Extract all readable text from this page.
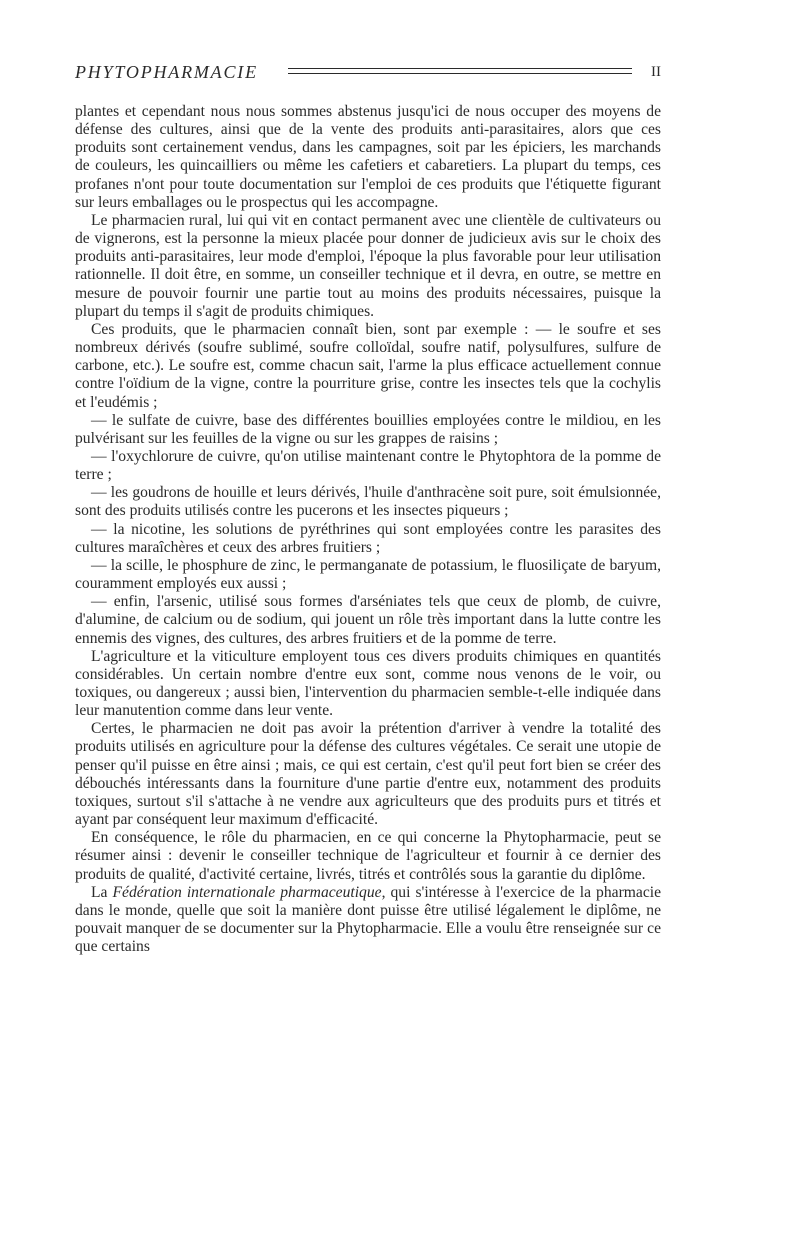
PHYTOPHARMACIE	II

plantes et cependant nous nous sommes abstenus jusqu'ici de nous occuper des moyens de défense des cultures, ainsi que de la vente des produits anti-parasitaires, alors que ces produits sont certainement vendus, dans les campagnes, soit par les épiciers, les marchands de couleurs, les quincailliers ou même les cafetiers et cabaretiers. La plupart du temps, ces profanes n'ont pour toute documentation sur l'emploi de ces produits que l'étiquette figurant sur leurs emballages ou le prospectus qui les accompagne.

Le pharmacien rural, lui qui vit en contact permanent avec une clientèle de cultivateurs ou de vignerons, est la personne la mieux placée pour donner de judicieux avis sur le choix des produits anti-parasitaires, leur mode d'emploi, l'époque la plus favorable pour leur utilisation rationnelle. Il doit être, en somme, un conseiller technique et il devra, en outre, se mettre en mesure de pouvoir fournir une partie tout au moins des produits nécessaires, puisque la plupart du temps il s'agit de produits chimiques.

Ces produits, que le pharmacien connaît bien, sont par exemple : — le soufre et ses nombreux dérivés (soufre sublimé, soufre colloïdal, soufre natif, polysulfures, sulfure de carbone, etc.). Le soufre est, comme chacun sait, l'arme la plus efficace actuellement connue contre l'oïdium de la vigne, contre la pourriture grise, contre les insectes tels que la cochylis et l'eudémis ;

— le sulfate de cuivre, base des différentes bouillies employées contre le mildiou, en les pulvérisant sur les feuilles de la vigne ou sur les grappes de raisins ;

— l'oxychlorure de cuivre, qu'on utilise maintenant contre le Phytophtora de la pomme de terre ;

— les goudrons de houille et leurs dérivés, l'huile d'anthracène soit pure, soit émulsionnée, sont des produits utilisés contre les pucerons et les insectes piqueurs ;

— la nicotine, les solutions de pyréthrines qui sont employées contre les parasites des cultures maraîchères et ceux des arbres fruitiers ;

— la scille, le phosphure de zinc, le permanganate de potassium, le fluosiliçate de baryum, couramment employés eux aussi ;

— enfin, l'arsenic, utilisé sous formes d'arséniates tels que ceux de plomb, de cuivre, d'alumine, de calcium ou de sodium, qui jouent un rôle très important dans la lutte contre les ennemis des vignes, des cultures, des arbres fruitiers et de la pomme de terre.

L'agriculture et la viticulture employent tous ces divers produits chimiques en quantités considérables. Un certain nombre d'entre eux sont, comme nous venons de le voir, ou toxiques, ou dangereux ; aussi bien, l'intervention du pharmacien semble-t-elle indiquée dans leur manutention comme dans leur vente.

Certes, le pharmacien ne doit pas avoir la prétention d'arriver à vendre la totalité des produits utilisés en agriculture pour la défense des cultures végétales. Ce serait une utopie de penser qu'il puisse en être ainsi ; mais, ce qui est certain, c'est qu'il peut fort bien se créer des débouchés intéressants dans la fourniture d'une partie d'entre eux, notamment des produits toxiques, surtout s'il s'attache à ne vendre aux agriculteurs que des produits purs et titrés et ayant par conséquent leur maximum d'efficacité.

En conséquence, le rôle du pharmacien, en ce qui concerne la Phytopharmacie, peut se résumer ainsi : devenir le conseiller technique de l'agriculteur et fournir à ce dernier des produits de qualité, d'activité certaine, livrés, titrés et contrôlés sous la garantie du diplôme.

La Fédération internationale pharmaceutique, qui s'intéresse à l'exercice de la pharmacie dans le monde, quelle que soit la manière dont puisse être utilisé légalement le diplôme, ne pouvait manquer de se documenter sur la Phytopharmacie. Elle a voulu être renseignée sur ce que certains
